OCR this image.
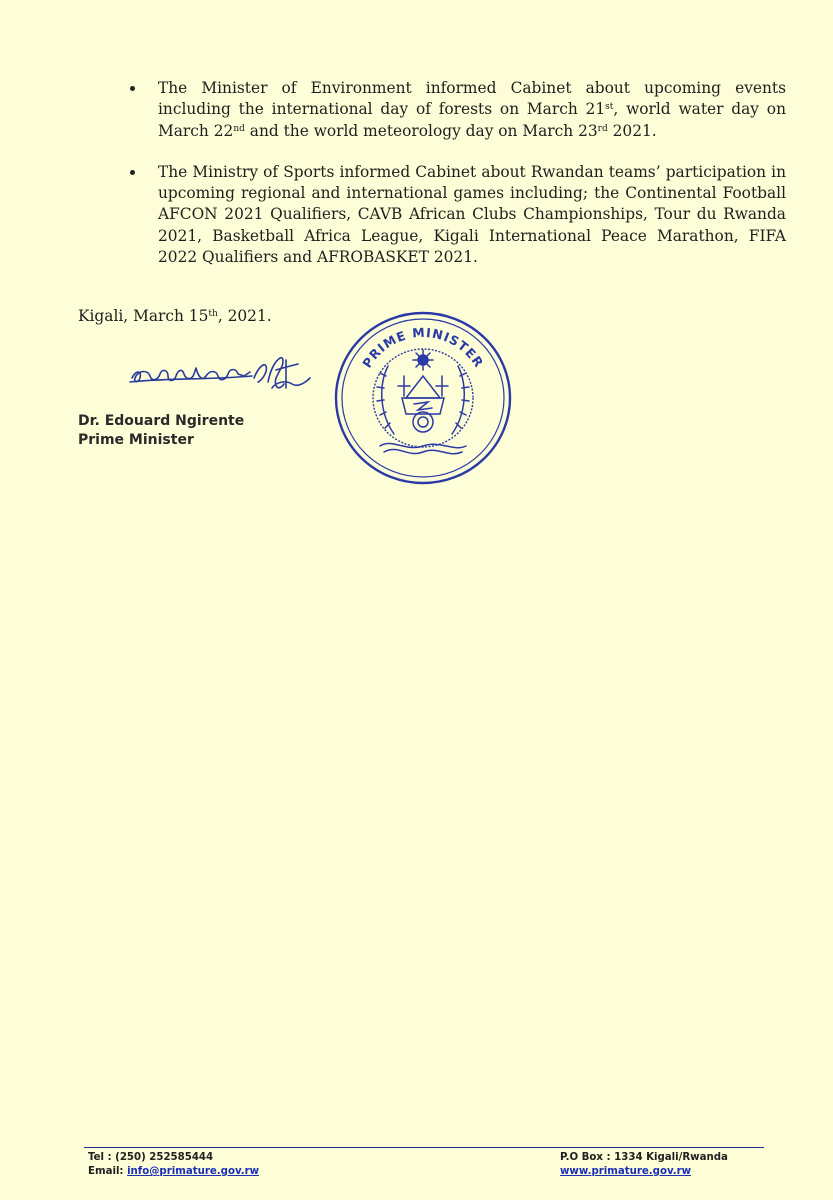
The Minister of Environment informed Cabinet about upcoming events including the international day of forests on March 21st, world water day on March 22nd and the world meteorology day on March 23rd 2021.
The Ministry of Sports informed Cabinet about Rwandan teams’ participation in upcoming regional and international games including; the Continental Football AFCON 2021 Qualifiers, CAVB African Clubs Championships, Tour du Rwanda 2021, Basketball Africa League, Kigali International Peace Marathon, FIFA 2022 Qualifiers and AFROBASKET 2021.
Kigali, March 15th, 2021.
Dr. Edouard Ngirente
Prime Minister
PRIME MINISTER
Tel : (250) 252585444
Email: info@primature.gov.rw
P.O Box : 1334 Kigali/Rwanda
www.primature.gov.rw
